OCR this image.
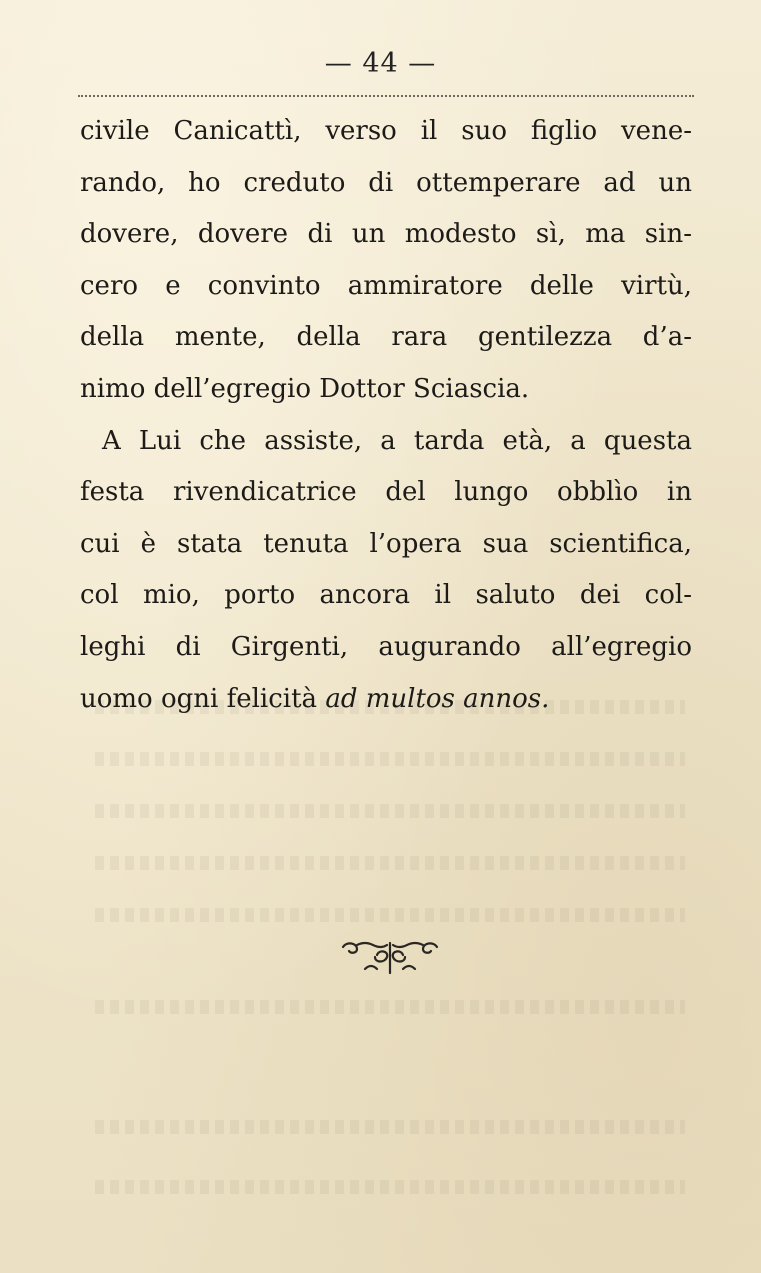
— 44 —
civile Canicattì, verso il suo figlio vene-
rando, ho creduto di ottemperare ad un
dovere, dovere di un modesto sì, ma sin-
cero e convinto ammiratore delle virtù,
della mente, della rara gentilezza d’a-
nimo dell’egregio Dottor Sciascia.
A Lui che assiste, a tarda età, a questa
festa rivendicatrice del lungo obblìo in
cui è stata tenuta l’opera sua scientifica,
col mio, porto ancora il saluto dei col-
leghi di Girgenti, augurando all’egregio
uomo ogni felicità ad multos annos.
